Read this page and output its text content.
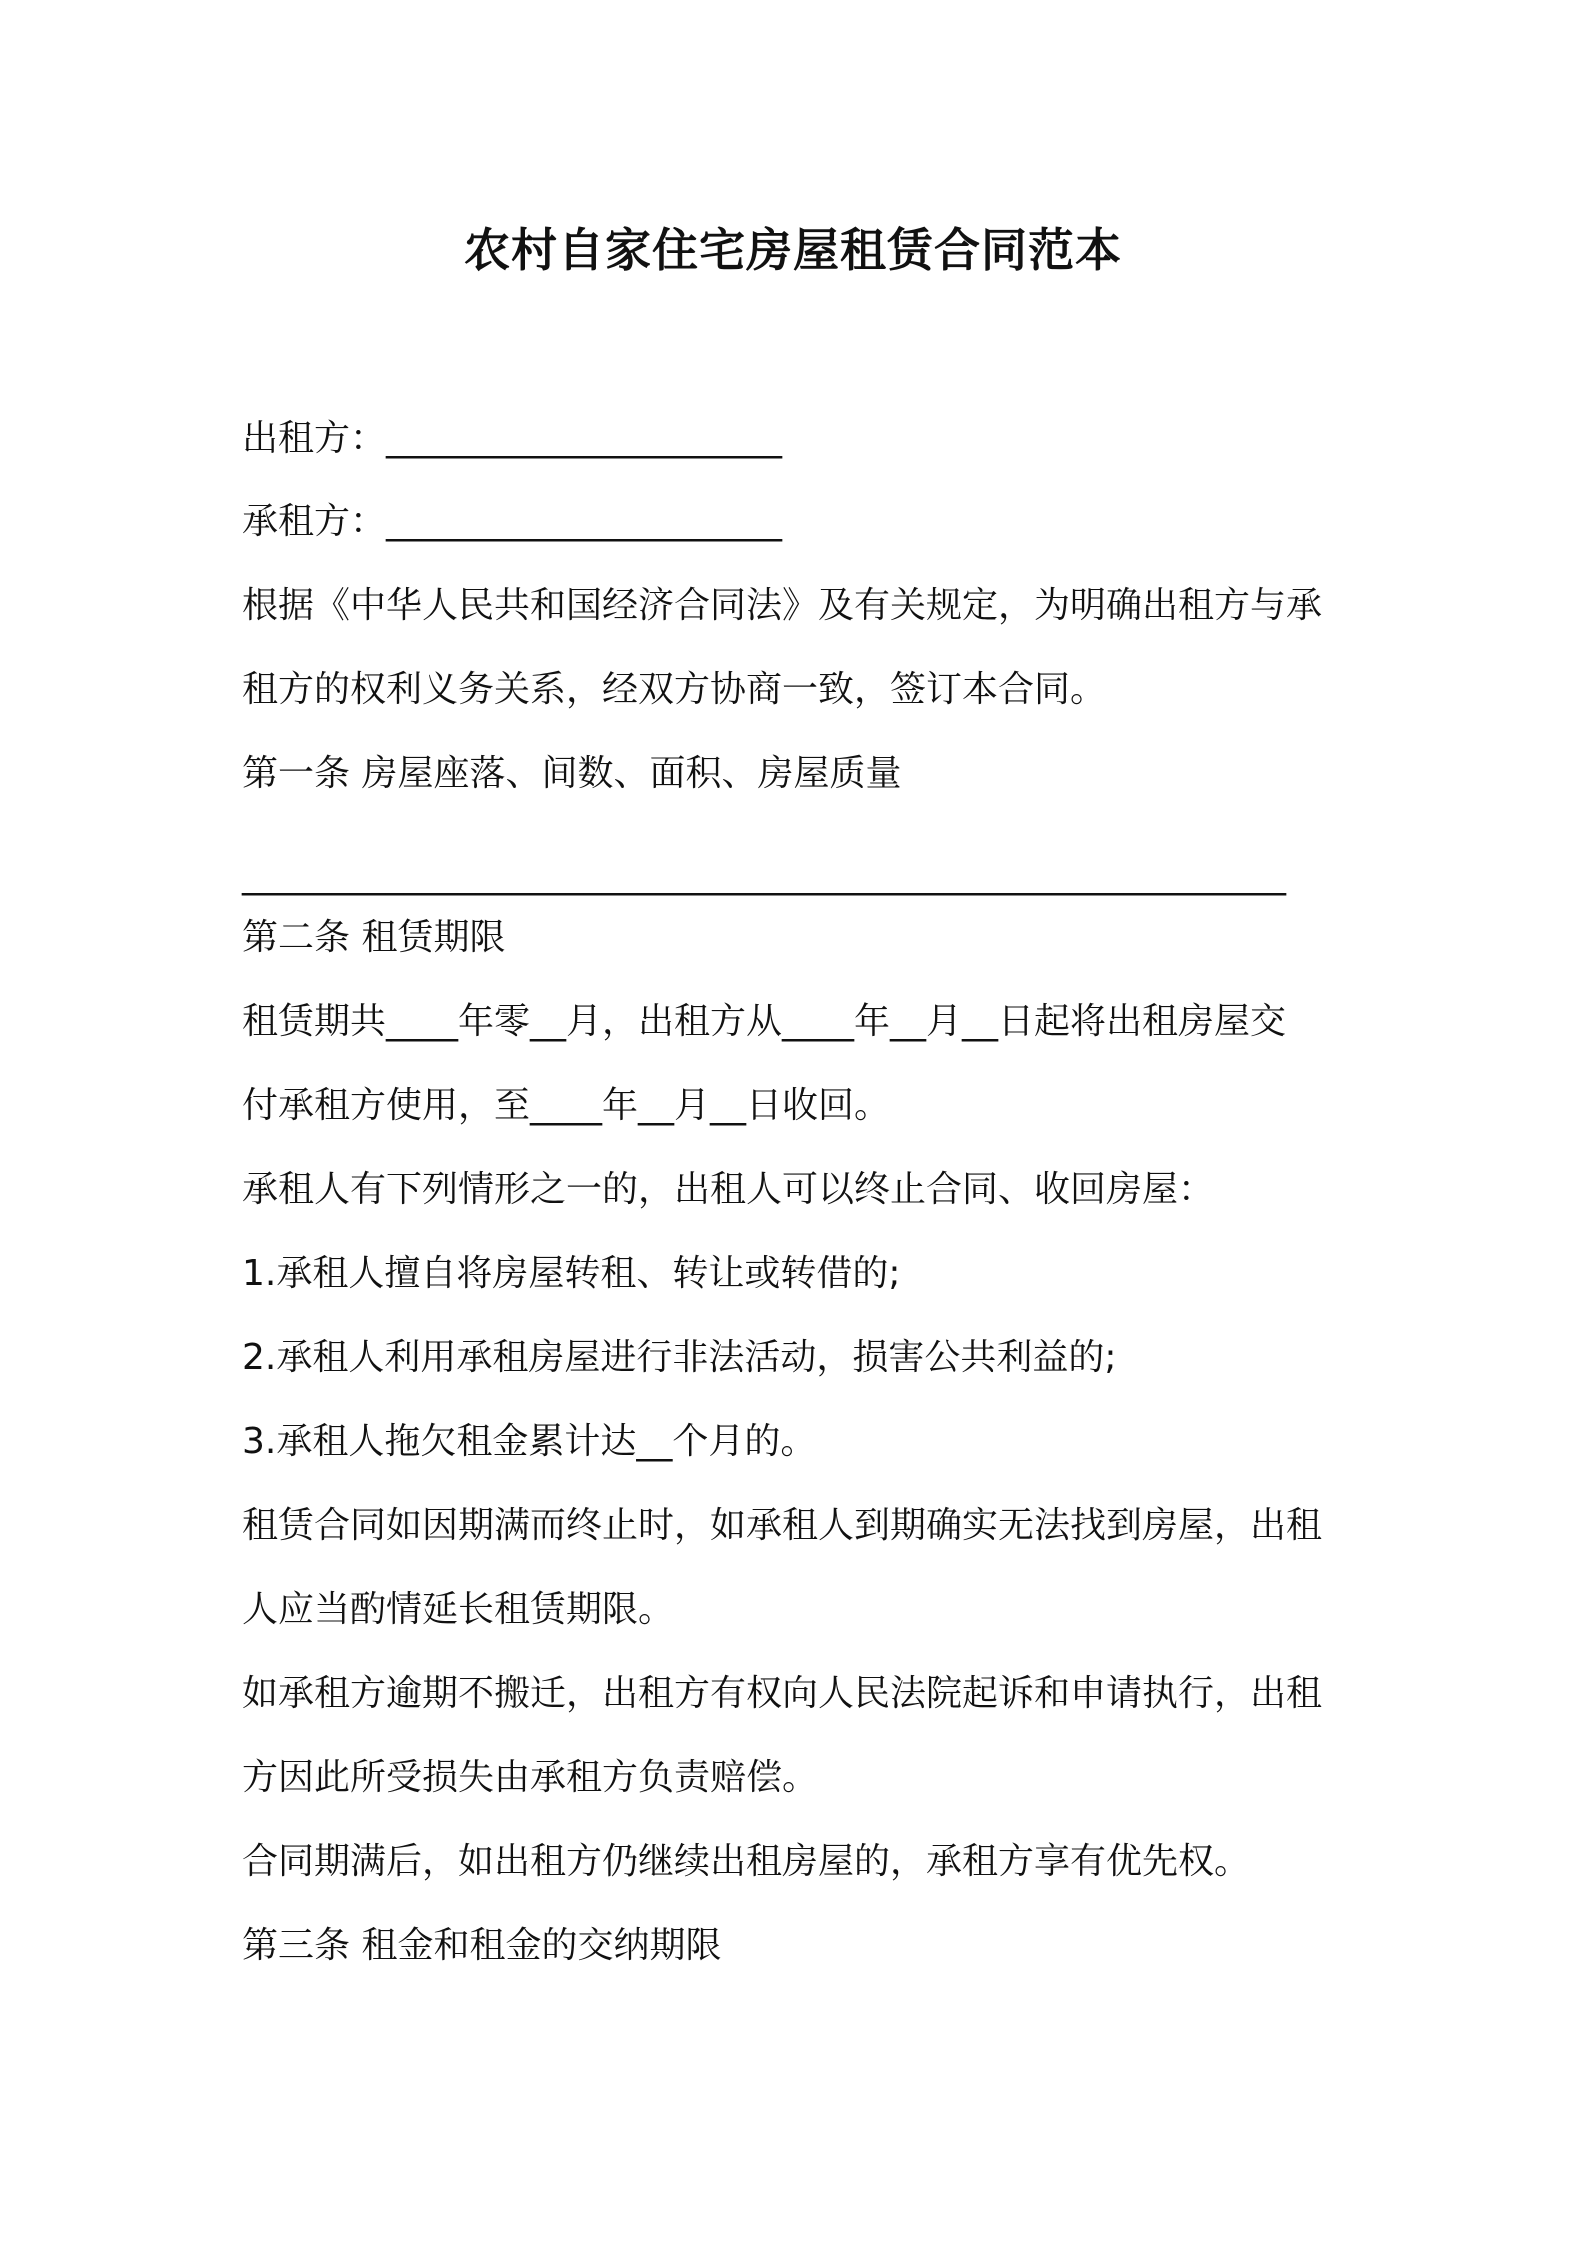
农村自家住宅房屋租赁合同范本
出租方：______________________
承租方：______________________
根据《中华人民共和国经济合同法》及有关规定，为明确出租方与承
租方的权利义务关系，经双方协商一致，签订本合同。
第一条 房屋座落、间数、面积、房屋质量
__________________________________________________________
第二条 租赁期限
租赁期共____年零__月，出租方从____年__月__日起将出租房屋交
付承租方使用，至____年__月__日收回。
承租人有下列情形之一的，出租人可以终止合同、收回房屋：
1.承租人擅自将房屋转租、转让或转借的;
2.承租人利用承租房屋进行非法活动，损害公共利益的;
3.承租人拖欠租金累计达__个月的。
租赁合同如因期满而终止时，如承租人到期确实无法找到房屋，出租
人应当酌情延长租赁期限。
如承租方逾期不搬迁，出租方有权向人民法院起诉和申请执行，出租
方因此所受损失由承租方负责赔偿。
合同期满后，如出租方仍继续出租房屋的，承租方享有优先权。
第三条 租金和租金的交纳期限
